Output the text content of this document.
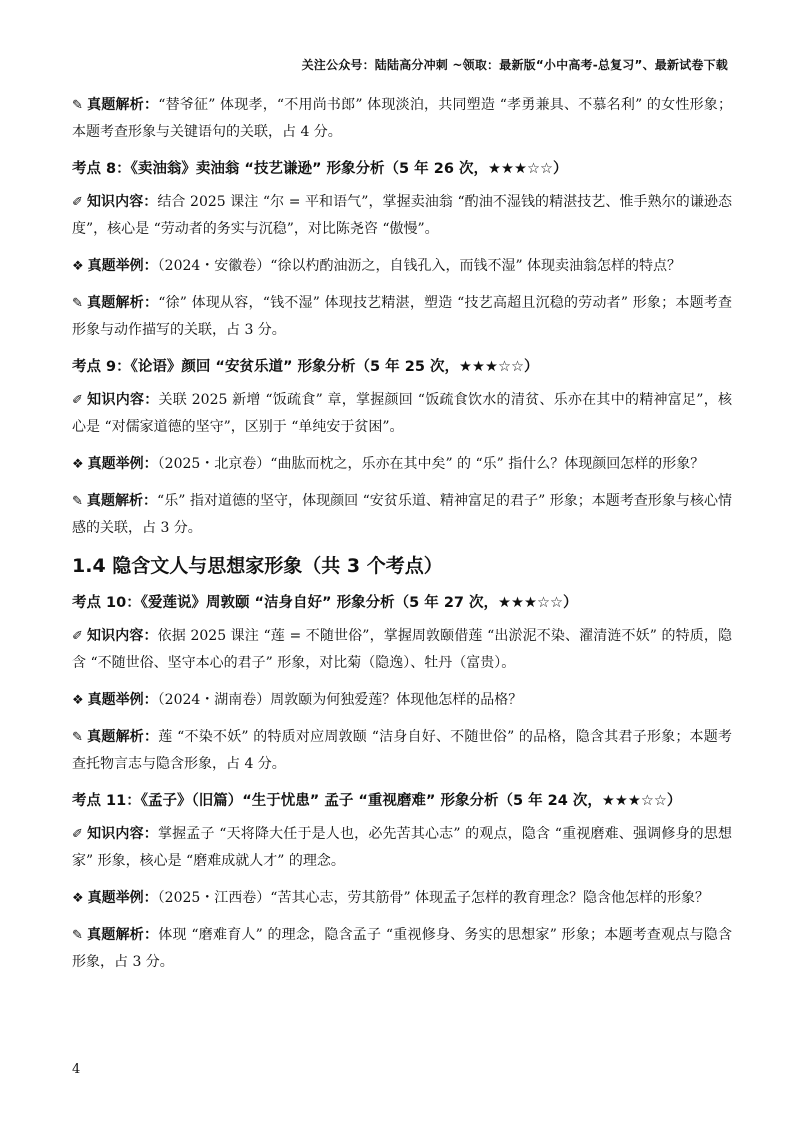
关注公众号：陆陆高分冲刺 ~领取：最新版“小中高考-总复习”、最新试卷下载

✎ 真题解析：“替爷征” 体现孝，“不用尚书郎” 体现淡泊，共同塑造 “孝勇兼具、不慕名利” 的女性形象；本题考查形象与关键语句的关联，占 4 分。

考点 8：《卖油翁》卖油翁 “技艺谦逊” 形象分析（5 年 26 次，★★★☆☆）

✐ 知识内容：结合 2025 课注 “尔 = 平和语气”，掌握卖油翁 “酌油不湿钱的精湛技艺、惟手熟尔的谦逊态度”，核心是 “劳动者的务实与沉稳”，对比陈尧咨 “傲慢”。

❖ 真题举例：（2024・安徽卷）“徐以杓酌油沥之，自钱孔入，而钱不湿” 体现卖油翁怎样的特点？

✎ 真题解析：“徐” 体现从容，“钱不湿” 体现技艺精湛，塑造 “技艺高超且沉稳的劳动者” 形象；本题考查形象与动作描写的关联，占 3 分。

考点 9：《论语》颜回 “安贫乐道” 形象分析（5 年 25 次，★★★☆☆）

✐ 知识内容：关联 2025 新增 “饭疏食” 章，掌握颜回 “饭疏食饮水的清贫、乐亦在其中的精神富足”，核心是 “对儒家道德的坚守”，区别于 “单纯安于贫困”。

❖ 真题举例：（2025・北京卷）“曲肱而枕之，乐亦在其中矣” 的 “乐” 指什么？体现颜回怎样的形象？

✎ 真题解析：“乐” 指对道德的坚守，体现颜回 “安贫乐道、精神富足的君子” 形象；本题考查形象与核心情感的关联，占 3 分。

1.4 隐含文人与思想家形象（共 3 个考点）
考点 10：《爱莲说》周敦颐 “洁身自好” 形象分析（5 年 27 次，★★★☆☆）

✐ 知识内容：依据 2025 课注 “莲 = 不随世俗”，掌握周敦颐借莲 “出淤泥不染、濯清涟不妖” 的特质，隐含 “不随世俗、坚守本心的君子” 形象，对比菊（隐逸）、牡丹（富贵）。

❖ 真题举例：（2024・湖南卷）周敦颐为何独爱莲？体现他怎样的品格？

✎ 真题解析：莲 “不染不妖” 的特质对应周敦颐 “洁身自好、不随世俗” 的品格，隐含其君子形象；本题考查托物言志与隐含形象，占 4 分。

考点 11：《孟子》（旧篇）“生于忧患” 孟子 “重视磨难” 形象分析（5 年 24 次，★★★☆☆）

✐ 知识内容：掌握孟子 “天将降大任于是人也，必先苦其心志” 的观点，隐含 “重视磨难、强调修身的思想家” 形象，核心是 “磨难成就人才” 的理念。

❖ 真题举例：（2025・江西卷）“苦其心志，劳其筋骨” 体现孟子怎样的教育理念？隐含他怎样的形象？

✎ 真题解析：体现 “磨难育人” 的理念，隐含孟子 “重视修身、务实的思想家” 形象；本题考查观点与隐含形象，占 3 分。

4
